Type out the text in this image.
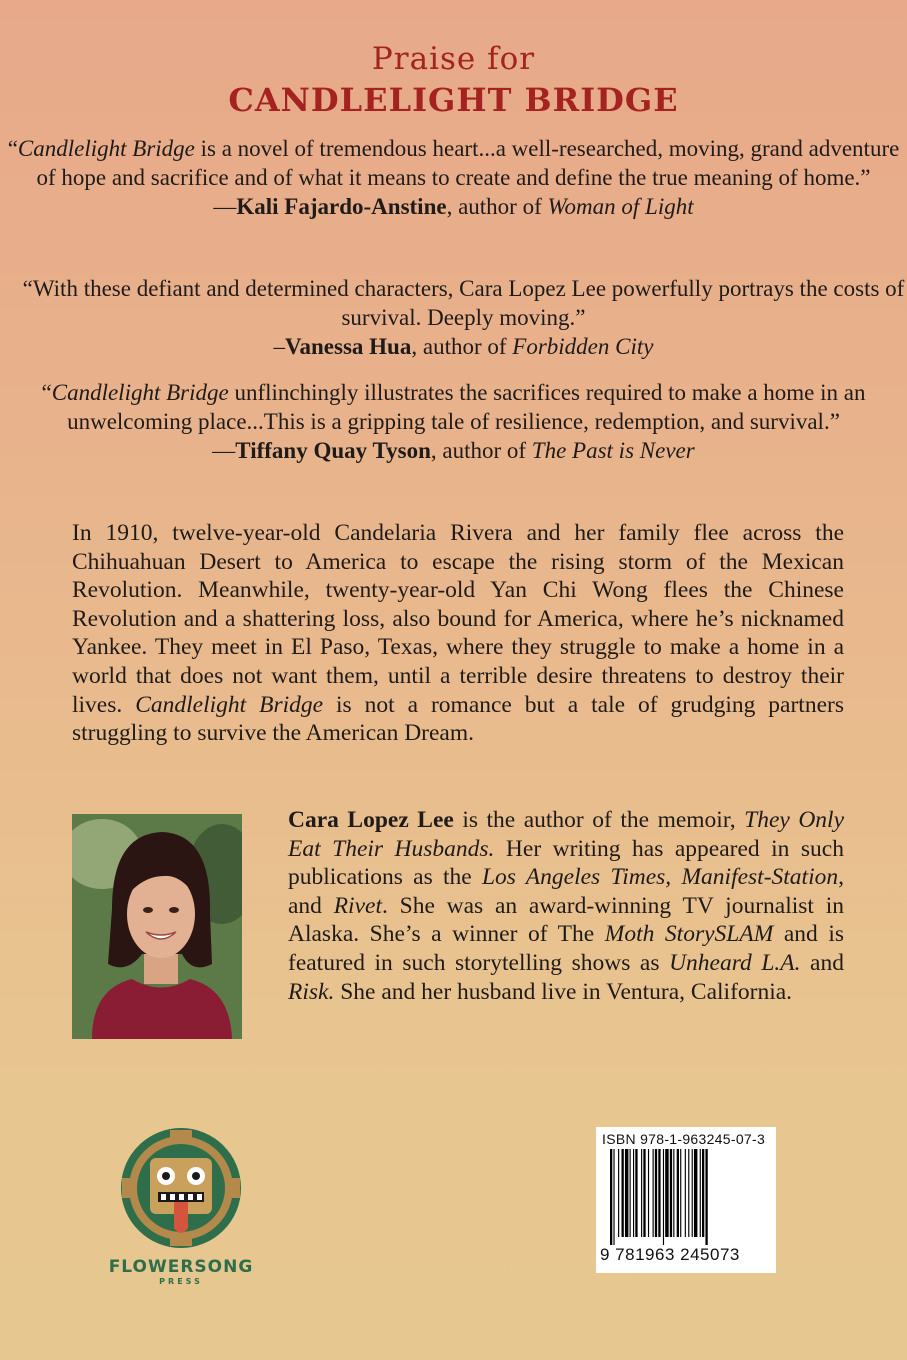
Praise for
CANDLELIGHT BRIDGE
“Candlelight Bridge is a novel of tremendous heart...a well-researched, moving, grand adventure of hope and sacrifice and of what it means to create and define the true meaning of home.”
—Kali Fajardo-Anstine, author of Woman of Light
“With these defiant and determined characters, Cara Lopez Lee powerfully portrays the costs of survival. Deeply moving.”
–Vanessa Hua, author of Forbidden City
“Candlelight Bridge unflinchingly illustrates the sacrifices required to make a home in an unwelcoming place...This is a gripping tale of resilience, redemption, and survival.”
—Tiffany Quay Tyson, author of The Past is Never
In 1910, twelve-year-old Candelaria Rivera and her family flee across the Chihuahuan Desert to America to escape the rising storm of the Mexican Revolution. Meanwhile, twenty-year-old Yan Chi Wong flees the Chinese Revolution and a shattering loss, also bound for America, where he’s nicknamed Yankee. They meet in El Paso, Texas, where they struggle to make a home in a world that does not want them, until a terrible desire threatens to destroy their lives. Candlelight Bridge is not a romance but a tale of grudging partners struggling to survive the American Dream.
Cara Lopez Lee is the author of the memoir, They Only Eat Their Husbands. Her writing has appeared in such publications as the Los Angeles Times, Manifest-Station, and Rivet. She was an award-winning TV journalist in Alaska. She’s a winner of The Moth StorySLAM and is featured in such storytelling shows as Unheard L.A. and Risk. She and her husband live in Ventura, California.
FLOWERSONG
PRESS
ISBN 978-1-963245-07-3
9 781963 245073
